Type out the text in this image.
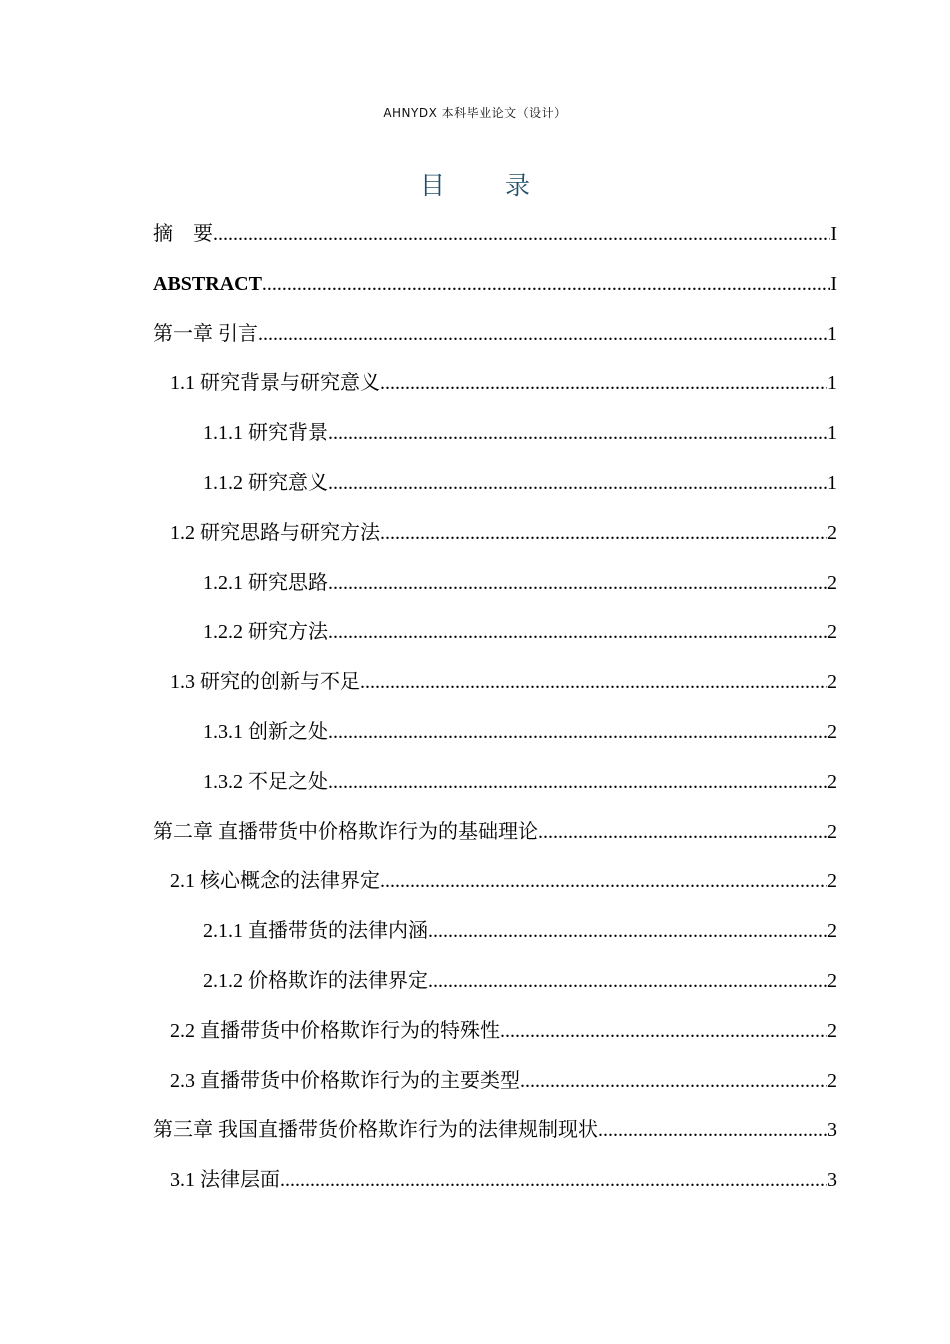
AHNYDX 本科毕业论文（设计）
目 录
摘　要 .....	I
ABSTRACT .....	I
第一章 引言 .....	1
1.1 研究背景与研究意义 .....	1
1.1.1 研究背景 .....	1
1.1.2 研究意义 .....	1
1.2 研究思路与研究方法 .....	2
1.2.1 研究思路 .....	2
1.2.2 研究方法 .....	2
1.3 研究的创新与不足 .....	2
1.3.1 创新之处 .....	2
1.3.2 不足之处 .....	2
第二章 直播带货中价格欺诈行为的基础理论 .....	2
2.1 核心概念的法律界定 .....	2
2.1.1 直播带货的法律内涵 .....	2
2.1.2 价格欺诈的法律界定 .....	2
2.2 直播带货中价格欺诈行为的特殊性 .....	2
2.3 直播带货中价格欺诈行为的主要类型 .....	2
第三章 我国直播带货价格欺诈行为的法律规制现状 .....	3
3.1 法律层面 .....	3
